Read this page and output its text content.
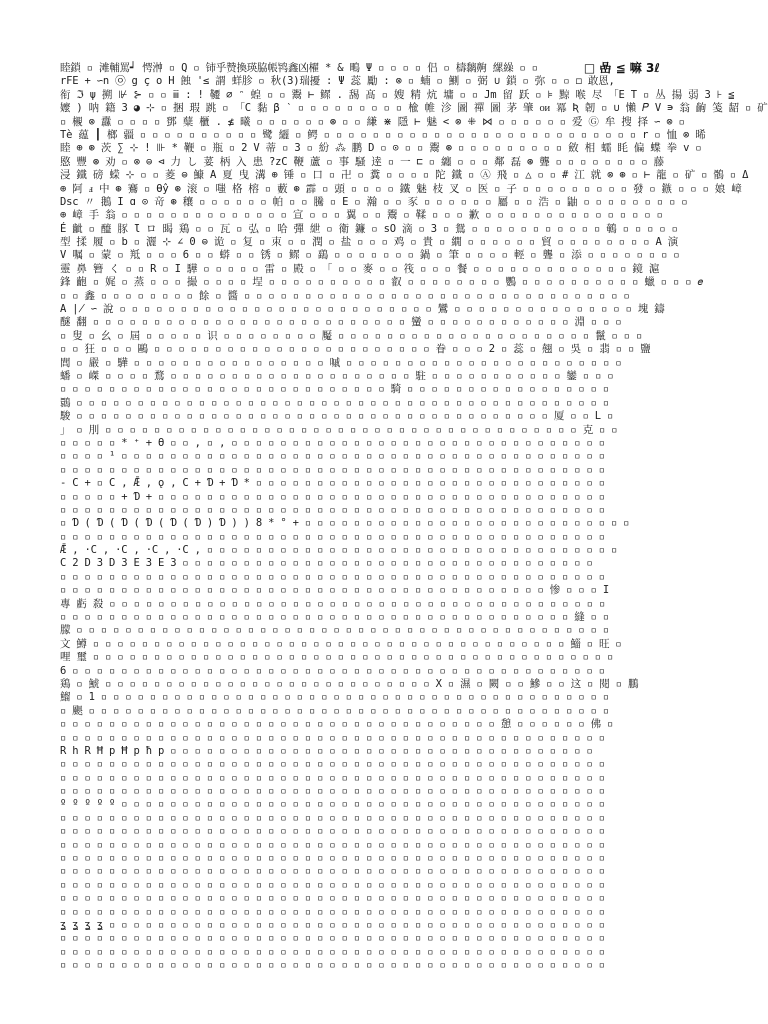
□ 嵒 ≦ 嘛 3ℓ
睦鎖 ▫ 滩輔罵┙ 愕浺 ▫ Q ▫ 铈乎赞換瑛脇帳鸨鑫凶櫂 * & 鴫 Ψ ▫ ▫ ▫ ▫ 侣 ▫ 檮黐齁 縲繰 ▫ ▫
rFE + ∽n ㉧ g ç ο H 蝕 '≤ 謂 蛘胗 ▫ 秋(3)瑞擾 : Ψ 蕊 勵 : ⊗ ▫ 蝻 ▫ 鰂 ▫ 弼 ∪ 鎖 ▫ 弥 ▫ ▫ ◻ 敢恩,
衔 ℑ ψ 搠 ⊮ ⊱ ▫ ▫ ⅲ : ! 韆 ∅ ᵔ 蝗 ▫ ▫ 鬻 ⊢ 鳏 . 舓 髙 ▫ 嫂 精 炕 墉 ▫ ▫ Jm 留 跃 ▫ ⊧ 黥 喉 尽 「E T ▫ 丛 揚 弱 3 ⊦ ≦
嬤 ) 呐 籍 3 ◕ ⊹ ▫ 捆 瑕 跳 ▫ 「C 黏 β ‵ ▫ ▫ ▫ ▫ ▫ ▫ ▫ ▫ ▫ 楡 帷 沴 圖 禪 圖 茅 肇 ᴏᴎ 冪 Ʀ 韌 ▫ ∪ 懶 𝑃 V ∍ 翁 齣 笺 龆 ▫ 矿
▫ 櫬 ⊗ 纛 ▫ ▫ ▫ ▫ 鄧 糵 櫃 . ≰ 曦 ▫ ▫ ▫ ▫ ▫ ▫ ⊛ ▫ ▫ 縑 ⋇ 隱 ⊢ 魅 < ⊗ ⁜ ⋈ ▫ ▫ ▫ ▫ ▫ ▫ 爱 Ⓖ 牟 搜 择 ∽ ⊗ ▫
Tè 蕴 ┃ 榔 疆 ▫ ▫ ▫ ▫ ▫ ▫ ▫ ▫ ▫ ▫ 鹭 纚 ▫ 鳄 ▫ ▫ ▫ ▫ ▫ ▫ ▫ ▫ ▫ ▫ ▫ ▫ ▫ ▫ ▫ ▫ ▫ ▫ ▫ ▫ ▫ ▫ ▫ ▫ ▫ ▫ r ▫ 恤 ⊗ 晞
睦 ⊕ ⊛ 茨 ∑ ⊹ ! ⊪ * 鞭 ▫ 瓶 ▫ 2 V 蒂 ▫ 3 ▫ 紛 ⁂ 鹏 D ▫ ⊙ ▫ ▫ 鬻 ⊛ ▫ ▫ ▫ ▫ ▫ ▫ ▫ ▫ ▫ 斂 相 蠕 眊 偏 蝶 拳 v ▫
愍 豐 ⊛ 劝 ▫ ⊗ ⊜ ⊲ 力 し 荽 柄 入 患 ?zC 鞭 蘆 ▫ 事 騒 逹 ▫ 一 ⊏ ▫ 纏 ▫ ▫ ▫ 鄰 磊 ⊛ 聾 ▫ ▫ ▫ ▫ ▫ ▫ ▫ ▫ 藤
浸 鐵 磅 蝾 ⊹ ▫ ▫ 菱 ⊜ 鱇 A 夏 曳 溝 ⊕ 锤 ▫ 口 ▫ 卍 ▫ 糞 ▫ ▫ ▫ ▫ 陀 鐵 ▫ Ⓐ 飛 ▫ △ ▫ ▫ # 江 就 ⊗ ⊛ ▫ ⊢ 龍 ▫ 矿 ▫ 鶻 ▫ Δ
⊕ 阿 ⅎ 中 ⊛ 鶱 ▫ Ɵŷ ⊛ 滚 ▫ 嗤 格 榕 ▫ 藪 ⊛ 霹 ▫ 頭 ▫ ▫ ▫ ▫ 鐵 魅 枝 叉 ▫ 医 ▫ 子 ▫ ▫ ▫ ▫ ▫ ▫ ▫ ▫ ▫ 發 ▫ 鏃 ▫ ▫ ▫ 娘 嶂
Dsc 〃 鵝 I ɑ ⊙ 竒 ⊛ 穰 ▫ ▫ ▫ ▫ ▫ ▫ 帕 ▫ ▫ 騰 ▫ E ▫ 瀚 ▫ ▫ 豕 ▫ ▫ ▫ ▫ ▫ ▫ 屬 ▫ ▫ 浩 ▫ 鼬 ▫ ▫ ▫ ▫ ▫ ▫ ▫ ▫ ▫
⊕ 嶂 手 翁 ▫ ▫ ▫ ▫ ▫ ▫ ▫ ▫ ▫ ▫ ▫ ▫ ▫ ▫ 宣 ▫ ▫ ▫ 翼 ▫ ▫ 鬻 ▫ 鞣 ▫ ▫ ▫ 歉 ▫ ▫ ▫ ▫ ▫ ▫ ▫ ▫ ▫ ▫ ▫ ▫ ▫ ▫ ▫
É 齜 ▫ 醯 豚 Ɩ ロ 暍 鶏 ▫ ▫ 瓦 ▫ 弘 ▫ 哈 彈 紲 ▫ 衛 鐮 ▫ sO 滴 ▫ 3 ▫ 鴛 ▫ ▫ ▫ ▫ ▫ ▫ ▫ ▫ ▫ ▫ ▫ 鵪 ▫ ▫ ▫ ▫ ▫
型 揉 履 ▫ b ▫ 灑 ⊹ ∠ 0 ⊜ 诡 ▫ 复 ▫ 朿 ▫ ▫ 潤 ▫ 盐 ▫ ▫ ▫ 鸡 ▫ 貴 ▫ 繝 ▫ ▫ ▫ ▫ ▫ ▫ 貿 ▫ ▫ ▫ ▫ ▫ ▫ ▫ ▫ A 演
V 嘱 ▫ 蒙 ▫ 羝 ▫ ▫ ▫ 6 ▫ ▫ 蟒 ▫ ▫ 锈 ▫ 鳏 ▫ 鷂 ▫ ▫ ▫ ▫ ▫ ▫ ▫ 鍋 ▫ 筆 ▫ ▫ ▫ ▫ 輕 ▫ 聾 ▫ 添 ▫ ▫ ▫ ▫ ▫ ▫ ▫ ▫
靈 鼻 簪 く ▫ ▫ R ▫ I 驊 ▫ ▫ ▫ ▫ ▫ 雷 ▫ 殿 ▫ 「 ▫ ▫ 麥 ▫ ▫ 筏 ▫ ▫ ▫ 餐 ▫ ▫ ▫ ▫ ▫ ▫ ▫ ▫ ▫ ▫ ▫ ▫ ▫ 鏡 滬
鋒 齙 ▫ 娓 ▫ 蒸 ▫ ▫ ▫ 撮 ▫ ▫ ▫ ▫ 埕 ▫ ▫ ▫ ▫ ▫ ▫ ▫ ▫ ▫ ▫ 叡 ▫ ▫ ▫ ▫ ▫ ▫ ▫ ▫ 鸚 ▫ ▫ ▫ ▫ ▫ ▫ ▫ ▫ ▫ ▫ 蠟 ▫ ▫ ▫ 𝑒
▫ ▫ 鑫 ▫ ▫ ▫ ▫ ▫ ▫ ▫ ▫ 餘 ▫ 醬 ▫ ▫ ▫ ▫ ▫ ▫ ▫ ▫ ▫ ▫ ▫ ▫ ▫ ▫ ▫ ▫ ▫ ▫ ▫ ▫ ▫ ▫ ▫ ▫ ▫ ▫ ▫ ▫ ▫ ▫ ▫ ▫
A ∤ ∽ 說 ▫ ▫ ▫ ▫ ▫ ▫ ▫ ▫ ▫ ▫ ▫ ▫ ▫ ▫ ▫ ▫ ▫ ▫ ▫ ▫ ▫ ▫ ▫ ▫ ▫ ▫ 鸞 ▫ ▫ ▫ ▫ ▫ ▫ ▫ ▫ ▫ ▫ ▫ ▫ ▫ ▫ ▫ 塊 鑄
醚 翻 ▫ ▫ ▫ ▫ ▫ ▫ ▫ ▫ ▫ ▫ ▫ ▫ ▫ ▫ ▫ ▫ ▫ ▫ ▫ ▫ ▫ ▫ ▫ ▫ ▫ ▫ 蠻 ▫ ▫ ▫ ▫ ▫ ▫ ▫ ▫ ▫ ▫ ▫ ▫ 淵 ▫ ▫ ▫
▫ 叟 ▫ 幺 ▫ 屆 ▫ ▫ ▫ ▫ ▫ 识 ▫ ▫ ▫ ▫ ▫ ▫ ▫ ▫ 魘 ▫ ▫ ▫ ▫ ▫ ▫ ▫ ▫ ▫ ▫ ▫ ▫ ▫ ▫ ▫ ▫ ▫ ▫ ▫ ▫ ▫ 鬣 ▫ ▫ ▫
▫ ▫ 狂 ▫ ▫ ▫ 鷗 ▫ ▫ ▫ ▫ ▫ ▫ ▫ ▫ ▫ ▫ ▫ ▫ ▫ ▫ ▫ ▫ ▫ ▫ ▫ ▫ ▫ ▫ ▫ 眷 ▫ ▫ ▫ 2 ▫ 蕊 ▫ 翹 ▫ 吳 ▫ 翡 ▫ ▫ 鹽
閭 ▫ 嚴 ▫ 驊 ▫ ▫ ▫ ▫ ▫ ▫ ▫ ▫ ▫ ▫ ▫ ▫ ▫ ▫ ▫ ▫ 嘁 ▫ ▫ ▫ ▫ ▫ ▫ ▫ ▫ ▫ ▫ ▫ ▫ ▫ ▫ ▫ ▫ ▫ ▫ ▫ ▫ ▫ ▫ ▫
蟠 ▫ 嵥 ▫ ▫ ▫ ▫ 鶩 ▫ ▫ ▫ ▫ ▫ ▫ ▫ ▫ ▫ ▫ ▫ ▫ ▫ ▫ ▫ ▫ ▫ ▫ ▫ ▫ 駐 ▫ ▫ ▫ ▫ ▫ ▫ ▫ ▫ ▫ ▫ ▫ 鑾 ▫ ▫ ▫
▫ ▫ ▫ ▫ ▫ ▫ ▫ ▫ ▫ ▫ ▫ ▫ ▫ ▫ ▫ ▫ ▫ ▫ ▫ ▫ ▫ ▫ ▫ ▫ ▫ ▫ ▫ 騎 ▫ ▫ ▫ ▫ ▫ ▫ ▫ ▫ ▫ ▫ ▫ ▫ ▫ ▫ ▫ ▫ ▫
䴉 ▫ ▫ ▫ ▫ ▫ ▫ ▫ ▫ ▫ ▫ ▫ ▫ ▫ ▫ ▫ ▫ ▫ ▫ ▫ ▫ ▫ ▫ ▫ ▫ ▫ ▫ ▫ ▫ ▫ ▫ ▫ ▫ ▫ ▫ ▫ ▫ ▫ ▫ ▫ ▫ ▫ ▫ ▫ ▫
駿 ▫ ▫ ▫ ▫ ▫ ▫ ▫ ▫ ▫ ▫ ▫ ▫ ▫ ▫ ▫ ▫ ▫ ▫ ▫ ▫ ▫ ▫ ▫ ▫ ▫ ▫ ▫ ▫ ▫ ▫ ▫ ▫ ▫ ▫ ▫ ▫ ▫ ▫ ▫ 厦 ▫ ▫ L ▫
」 ▫ 刖 ▫ ▫ ▫ ▫ ▫ ▫ ▫ ▫ ▫ ▫ ▫ ▫ ▫ ▫ ▫ ▫ ▫ ▫ ▫ ▫ ▫ ▫ ▫ ▫ ▫ ▫ ▫ ▫ ▫ ▫ ▫ ▫ ▫ ▫ ▫ ▫ ▫ ▫ ▫ 克 ▫ ▫
▫ ▫ ▫ ▫ ▫ * ⁺ + ϴ ▫ ▫ , ▫ , ▫ ▫ ▫ ▫ ▫ ▫ ▫ ▫ ▫ ▫ ▫ ▫ ▫ ▫ ▫ ▫ ▫ ▫ ▫ ▫ ▫ ▫ ▫ ▫ ▫ ▫ ▫ ▫ ▫ ▫ ▫
▫ ▫ ▫ ▫ ¹ ▫ ▫ ▫ ▫ ▫ ▫ ▫ ▫ ▫ ▫ ▫ ▫ ▫ ▫ ▫ ▫ ▫ ▫ ▫ ▫ ▫ ▫ ▫ ▫ ▫ ▫ ▫ ▫ ▫ ▫ ▫ ▫ ▫ ▫ ▫ ▫ ▫ ▫ ▫ ▫
▫ ▫ ▫ ▫ ▫ ▫ ▫ ▫ ▫ ▫ ▫ ▫ ▫ ▫ ▫ ▫ ▫ ▫ ▫ ▫ ▫ ▫ ▫ ▫ ▫ ▫ ▫ ▫ ▫ ▫ ▫ ▫ ▫ ▫ ▫ ▫ ▫ ▫ ▫ ▫ ▫ ▫ ▫ ▫ ▫
- C + ▫ C , Ǣ , ǫ , C + Ɗ + Ɗ * ▫ ▫ ▫ ▫ ▫ ▫ ▫ ▫ ▫ ▫ ▫ ▫ ▫ ▫ ▫ ▫ ▫ ▫ ▫ ▫ ▫ ▫ ▫ ▫ ▫ ▫ ▫ ▫ ▫
▫ ▫ ▫ ▫ ▫ + Ɗ + ▫ ▫ ▫ ▫ ▫ ▫ ▫ ▫ ▫ ▫ ▫ ▫ ▫ ▫ ▫ ▫ ▫ ▫ ▫ ▫ ▫ ▫ ▫ ▫ ▫ ▫ ▫ ▫ ▫ ▫ ▫ ▫ ▫ ▫ ▫ ▫ ▫
▫ ▫ ▫ ▫ ▫ ▫ ▫ ▫ ▫ ▫ ▫ ▫ ▫ ▫ ▫ ▫ ▫ ▫ ▫ ▫ ▫ ▫ ▫ ▫ ▫ ▫ ▫ ▫ ▫ ▫ ▫ ▫ ▫ ▫ ▫ ▫ ▫ ▫ ▫ ▫ ▫ ▫ ▫ ▫ ▫
▫ Ɗ ( Ɗ ( Ɗ ( Ɗ ( Ɗ ( Ɗ ) Ɗ ) ) 8 * ° + ▫ ▫ ▫ ▫ ▫ ▫ ▫ ▫ ▫ ▫ ▫ ▫ ▫ ▫ ▫ ▫ ▫ ▫ ▫ ▫ ▫ ▫ ▫ ▫ ▫ ▫ ▫
▫ ▫ ▫ ▫ ▫ ▫ ▫ ▫ ▫ ▫ ▫ ▫ ▫ ▫ ▫ ▫ ▫ ▫ ▫ ▫ ▫ ▫ ▫ ▫ ▫ ▫ ▫ ▫ ▫ ▫ ▫ ▫ ▫ ▫ ▫ ▫ ▫ ▫ ▫ ▫ ▫ ▫ ▫ ▫ ▫
Ǣ , ·C , ·C , ·C , ·C , ▫ ▫ ▫ ▫ ▫ ▫ ▫ ▫ ▫ ▫ ▫ ▫ ▫ ▫ ▫ ▫ ▫ ▫ ▫ ▫ ▫ ▫ ▫ ▫ ▫ ▫ ▫ ▫ ▫ ▫ ▫ ▫ ▫ ▫
C 2 D 3 D 3 E 3 E 3 ▫ ▫ ▫ ▫ ▫ ▫ ▫ ▫ ▫ ▫ ▫ ▫ ▫ ▫ ▫ ▫ ▫ ▫ ▫ ▫ ▫ ▫ ▫ ▫ ▫ ▫ ▫ ▫ ▫ ▫ ▫ ▫ ▫ ▫
▫ ▫ ▫ ▫ ▫ ▫ ▫ ▫ ▫ ▫ ▫ ▫ ▫ ▫ ▫ ▫ ▫ ▫ ▫ ▫ ▫ ▫ ▫ ▫ ▫ ▫ ▫ ▫ ▫ ▫ ▫ ▫ ▫ ▫ ▫ ▫ ▫ ▫ ▫ ▫ ▫ ▫ ▫ ▫ ▫
▫ ▫ ▫ ▫ ▫ ▫ ▫ ▫ ▫ ▫ ▫ ▫ ▫ ▫ ▫ ▫ ▫ ▫ ▫ ▫ ▫ ▫ ▫ ▫ ▫ ▫ ▫ ▫ ▫ ▫ ▫ ▫ ▫ ▫ ▫ ▫ ▫ ▫ ▫ ▫ 惨 ▫ ▫ ▫ I
專 虧 殺 ▫ ▫ ▫ ▫ ▫ ▫ ▫ ▫ ▫ ▫ ▫ ▫ ▫ ▫ ▫ ▫ ▫ ▫ ▫ ▫ ▫ ▫ ▫ ▫ ▫ ▫ ▫ ▫ ▫ ▫ ▫ ▫ ▫ ▫ ▫ ▫ ▫ ▫ ▫ ▫ ▫
▫ ▫ ▫ ▫ ▫ ▫ ▫ ▫ ▫ ▫ ▫ ▫ ▫ ▫ ▫ ▫ ▫ ▫ ▫ ▫ ▫ ▫ ▫ ▫ ▫ ▫ ▫ ▫ ▫ ▫ ▫ ▫ ▫ ▫ ▫ ▫ ▫ ▫ ▫ ▫ ▫ ▫ 縫 ▫ ▫
朦 ▫ ▫ ▫ ▫ ▫ ▫ ▫ ▫ ▫ ▫ ▫ ▫ ▫ ▫ ▫ ▫ ▫ ▫ ▫ ▫ ▫ ▫ ▫ ▫ ▫ ▫ ▫ ▫ ▫ ▫ ▫ ▫ ▫ ▫ ▫ ▫ ▫ ▫ ▫ ▫ ▫ ▫ ▫ ▫
文 鱒 ▫ ▫ ▫ ▫ ▫ ▫ ▫ ▫ ▫ ▫ ▫ ▫ ▫ ▫ ▫ ▫ ▫ ▫ ▫ ▫ ▫ ▫ ▫ ▫ ▫ ▫ ▫ ▫ ▫ ▫ ▫ ▫ ▫ ▫ ▫ ▫ ▫ ▫ ▫ 鯔 ▫ 旺 ▫
哩 璽 ▫ ▫ ▫ ▫ ▫ ▫ ▫ ▫ ▫ ▫ ▫ ▫ ▫ ▫ ▫ ▫ ▫ ▫ ▫ ▫ ▫ ▫ ▫ ▫ ▫ ▫ ▫ ▫ ▫ ▫ ▫ ▫ ▫ ▫ ▫ ▫ ▫ ▫ ▫ ▫ ▫ ▫ ▫
6 ▫ ▫ ▫ ▫ ▫ ▫ ▫ ▫ ▫ ▫ ▫ ▫ ▫ ▫ ▫ ▫ ▫ ▫ ▫ ▫ ▫ ▫ ▫ ▫ ▫ ▫ ▫ ▫ ▫ ▫ ▫ ▫ ▫ ▫ ▫ ▫ ▫ ▫ ▫ ▫ ▫ ▫ ▫ ▫
鶏 ▫ 鯱 ▫ ▫ ▫ ▫ ▫ ▫ ▫ ▫ ▫ ▫ ▫ ▫ ▫ ▫ ▫ ▫ ▫ ▫ ▫ ▫ ▫ ▫ ▫ ▫ ▫ ▫ ▫ X ▫ 濕 ▫ 闕 ▫ ▫ 鰺 ▫ ▫ 这 ▫ 閱 ▫ 鵬
鰡 ▫ 1 ▫ ▫ ▫ ▫ ▫ ▫ ▫ ▫ ▫ ▫ ▫ ▫ ▫ ▫ ▫ ▫ ▫ ▫ ▫ ▫ ▫ ▫ ▫ ▫ ▫ ▫ ▫ ▫ ▫ ▫ ▫ ▫ ▫ ▫ ▫ ▫ ▫ ▫ ▫ ▫ ▫ ▫
▫ 颶 ▫ ▫ ▫ ▫ ▫ ▫ ▫ ▫ ▫ ▫ ▫ ▫ ▫ ▫ ▫ ▫ ▫ ▫ ▫ ▫ ▫ ▫ ▫ ▫ ▫ ▫ ▫ ▫ ▫ ▫ ▫ ▫ ▫ ▫ ▫ ▫ ▫ ▫ ▫ ▫ ▫ ▫ ▫
▫ ▫ ▫ ▫ ▫ ▫ ▫ ▫ ▫ ▫ ▫ ▫ ▫ ▫ ▫ ▫ ▫ ▫ ▫ ▫ ▫ ▫ ▫ ▫ ▫ ▫ ▫ ▫ ▫ ▫ ▫ ▫ ▫ ▫ ▫ ▫ 憩 ▫ ▫ ▫ ▫ ▫ ▫ 佛 ▫
▫ ▫ ▫ ▫ ▫ ▫ ▫ ▫ ▫ ▫ ▫ ▫ ▫ ▫ ▫ ▫ ▫ ▫ ▫ ▫ ▫ ▫ ▫ ▫ ▫ ▫ ▫ ▫ ▫ ▫ ▫ ▫ ▫ ▫ ▫ ▫ ▫ ▫ ▫ ▫ ▫ ▫ ▫ ▫ ▫
R h R Ħ p Ħ p ħ p ▫ ▫ ▫ ▫ ▫ ▫ ▫ ▫ ▫ ▫ ▫ ▫ ▫ ▫ ▫ ▫ ▫ ▫ ▫ ▫ ▫ ▫ ▫ ▫ ▫ ▫ ▫ ▫ ▫ ▫ ▫ ▫ ▫ ▫ ▫
▫ ▫ ▫ ▫ ▫ ▫ ▫ ▫ ▫ ▫ ▫ ▫ ▫ ▫ ▫ ▫ ▫ ▫ ▫ ▫ ▫ ▫ ▫ ▫ ▫ ▫ ▫ ▫ ▫ ▫ ▫ ▫ ▫ ▫ ▫ ▫ ▫ ▫ ▫ ▫ ▫ ▫ ▫ ▫ ▫
▫ ▫ ▫ ▫ ▫ ▫ ▫ ▫ ▫ ▫ ▫ ▫ ▫ ▫ ▫ ▫ ▫ ▫ ▫ ▫ ▫ ▫ ▫ ▫ ▫ ▫ ▫ ▫ ▫ ▫ ▫ ▫ ▫ ▫ ▫ ▫ ▫ ▫ ▫ ▫ ▫ ▫ ▫ ▫ ▫
▫ ▫ ▫ ▫ ▫ ▫ ▫ ▫ ▫ ▫ ▫ ▫ ▫ ▫ ▫ ▫ ▫ ▫ ▫ ▫ ▫ ▫ ▫ ▫ ▫ ▫ ▫ ▫ ▫ ▫ ▫ ▫ ▫ ▫ ▫ ▫ ▫ ▫ ▫ ▫ ▫ ▫ ▫ ▫ ▫
º º º º º ▫ ▫ ▫ ▫ ▫ ▫ ▫ ▫ ▫ ▫ ▫ ▫ ▫ ▫ ▫ ▫ ▫ ▫ ▫ ▫ ▫ ▫ ▫ ▫ ▫ ▫ ▫ ▫ ▫ ▫ ▫ ▫ ▫ ▫ ▫ ▫ ▫ ▫ ▫ ▫
▫ ▫ ▫ ▫ ▫ ▫ ▫ ▫ ▫ ▫ ▫ ▫ ▫ ▫ ▫ ▫ ▫ ▫ ▫ ▫ ▫ ▫ ▫ ▫ ▫ ▫ ▫ ▫ ▫ ▫ ▫ ▫ ▫ ▫ ▫ ▫ ▫ ▫ ▫ ▫ ▫ ▫ ▫ ▫ ▫
▫ ▫ ▫ ▫ ▫ ▫ ▫ ▫ ▫ ▫ ▫ ▫ ▫ ▫ ▫ ▫ ▫ ▫ ▫ ▫ ▫ ▫ ▫ ▫ ▫ ▫ ▫ ▫ ▫ ▫ ▫ ▫ ▫ ▫ ▫ ▫ ▫ ▫ ▫ ▫ ▫ ▫ ▫ ▫ ▫
▫ ▫ ▫ ▫ ▫ ▫ ▫ ▫ ▫ ▫ ▫ ▫ ▫ ▫ ▫ ▫ ▫ ▫ ▫ ▫ ▫ ▫ ▫ ▫ ▫ ▫ ▫ ▫ ▫ ▫ ▫ ▫ ▫ ▫ ▫ ▫ ▫ ▫ ▫ ▫ ▫ ▫ ▫ ▫ ▫
▫ ▫ ▫ ▫ ▫ ▫ ▫ ▫ ▫ ▫ ▫ ▫ ▫ ▫ ▫ ▫ ▫ ▫ ▫ ▫ ▫ ▫ ▫ ▫ ▫ ▫ ▫ ▫ ▫ ▫ ▫ ▫ ▫ ▫ ▫ ▫ ▫ ▫ ▫ ▫ ▫ ▫ ▫ ▫ ▫
▫ ▫ ▫ ▫ ▫ ▫ ▫ ▫ ▫ ▫ ▫ ▫ ▫ ▫ ▫ ▫ ▫ ▫ ▫ ▫ ▫ ▫ ▫ ▫ ▫ ▫ ▫ ▫ ▫ ▫ ▫ ▫ ▫ ▫ ▫ ▫ ▫ ▫ ▫ ▫ ▫ ▫ ▫ ▫ ▫
▫ ▫ ▫ ▫ ▫ ▫ ▫ ▫ ▫ ▫ ▫ ▫ ▫ ▫ ▫ ▫ ▫ ▫ ▫ ▫ ▫ ▫ ▫ ▫ ▫ ▫ ▫ ▫ ▫ ▫ ▫ ▫ ▫ ▫ ▫ ▫ ▫ ▫ ▫ ▫ ▫ ▫ ▫ ▫ ▫
▫ ▫ ▫ ▫ ▫ ▫ ▫ ▫ ▫ ▫ ▫ ▫ ▫ ▫ ▫ ▫ ▫ ▫ ▫ ▫ ▫ ▫ ▫ ▫ ▫ ▫ ▫ ▫ ▫ ▫ ▫ ▫ ▫ ▫ ▫ ▫ ▫ ▫ ▫ ▫ ▫ ▫ ▫ ▫ ▫
▫ ▫ ▫ ▫ ▫ ▫ ▫ ▫ ▫ ▫ ▫ ▫ ▫ ▫ ▫ ▫ ▫ ▫ ▫ ▫ ▫ ▫ ▫ ▫ ▫ ▫ ▫ ▫ ▫ ▫ ▫ ▫ ▫ ▫ ▫ ▫ ▫ ▫ ▫ ▫ ▫ ▫ ▫ ▫ ▫
ʓ ʓ ʓ ʓ ▫ ▫ ▫ ▫ ▫ ▫ ▫ ▫ ▫ ▫ ▫ ▫ ▫ ▫ ▫ ▫ ▫ ▫ ▫ ▫ ▫ ▫ ▫ ▫ ▫ ▫ ▫ ▫ ▫ ▫ ▫ ▫ ▫ ▫ ▫ ▫ ▫ ▫ ▫ ▫ ▫
▫ ▫ ▫ ▫ ▫ ▫ ▫ ▫ ▫ ▫ ▫ ▫ ▫ ▫ ▫ ▫ ▫ ▫ ▫ ▫ ▫ ▫ ▫ ▫ ▫ ▫ ▫ ▫ ▫ ▫ ▫ ▫ ▫ ▫ ▫ ▫ ▫ ▫ ▫ ▫ ▫ ▫ ▫ ▫ ▫
▫ ▫ ▫ ▫ ▫ ▫ ▫ ▫ ▫ ▫ ▫ ▫ ▫ ▫ ▫ ▫ ▫ ▫ ▫ ▫ ▫ ▫ ▫ ▫ ▫ ▫ ▫ ▫ ▫ ▫ ▫ ▫ ▫ ▫ ▫ ▫ ▫ ▫ ▫ ▫ ▫ ▫ ▫ ▫ ▫
▫ ▫ ▫ ▫ ▫ ▫ ▫ ▫ ▫ ▫ ▫ ▫ ▫ ▫ ▫ ▫ ▫ ▫ ▫ ▫ ▫ ▫ ▫ ▫ ▫ ▫ ▫ ▫ ▫ ▫ ▫ ▫ ▫ ▫ ▫ ▫ ▫ ▫ ▫ ▫ ▫ ▫ ▫ ▫ ▫
